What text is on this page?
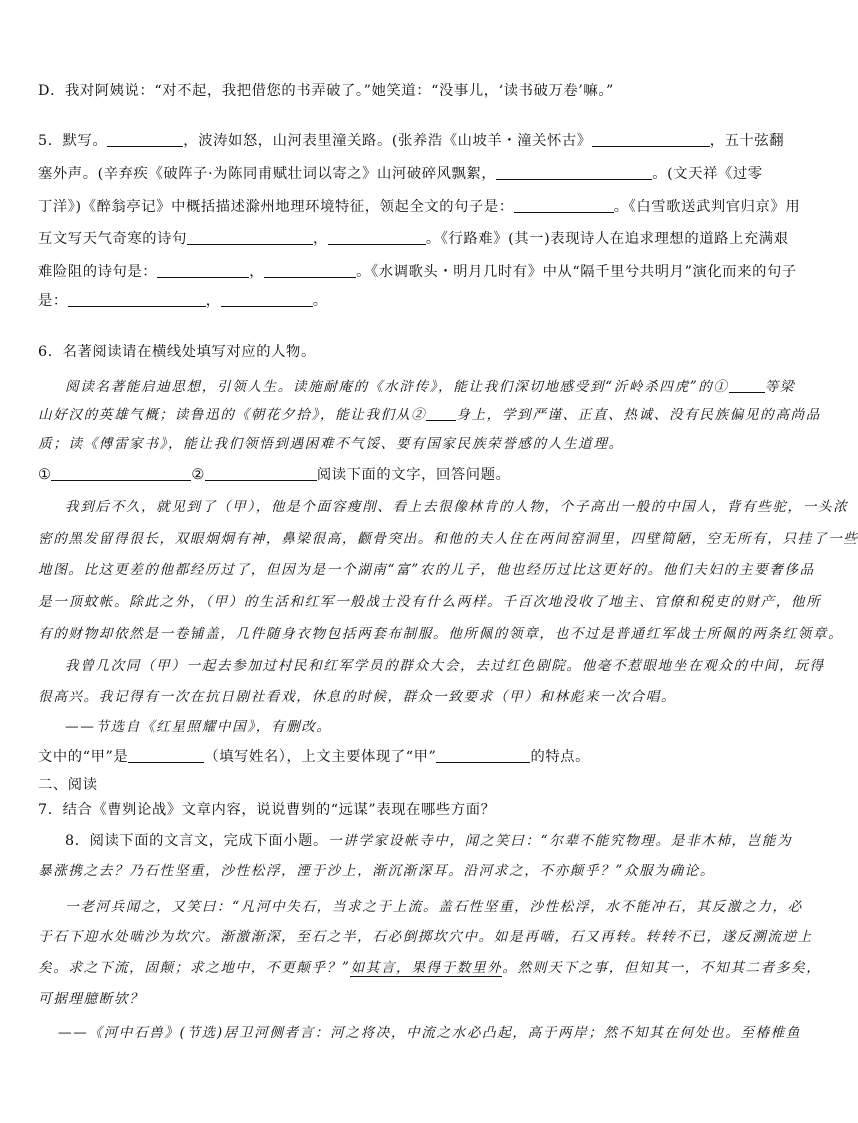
D．我对阿姨说：“对不起，我把借您的书弄破了。”她笑道：“没事儿，‘读书破万卷’嘛。”
5．默写。	，波涛如怒，山河表里潼关路。(张养浩《山坡羊・潼关怀古》	，五十弦翻
塞外声。(辛弃疾《破阵子·为陈同甫赋壮词以寄之》山河破碎风飘絮，	。(文天祥《过零
丁洋》)《醉翁亭记》中概括描述滁州地理环境特征，领起全文的句子是：	。《白雪歌送武判官归京》用
互文写天气奇寒的诗句	，	。《行路难》(其一)表现诗人在追求理想的道路上充满艰
难险阻的诗句是：	，	。《水调歌头・明月几时有》中从“隔千里兮共明月”演化而来的句子
是：	，	。
6．名著阅读请在横线处填写对应的人物。
阅读名著能启迪思想，引领人生。读施耐庵的《水浒传》，能让我们深切地感受到“沂岭杀四虎”的①	等梁
山好汉的英雄气概；读鲁迅的《朝花夕拾》，能让我们从② 身上，学到严谨、正直、热诚、没有民族偏见的高尚品
质；读《傅雷家书》，能让我们领悟到遇困难不气馁、要有国家民族荣誉感的人生道理。
①	②	阅读下面的文字，回答问题。
我到后不久，就见到了（甲），他是个面容瘦削、看上去很像林肯的人物，个子高出一般的中国人，背有些驼，一头浓
密的黑发留得很长，双眼炯炯有神，鼻梁很高，颧骨突出。和他的夫人住在两间窑洞里，四壁简陋，空无所有，只挂了一些
地图。比这更差的他都经历过了，但因为是一个湖南“富”农的儿子，他也经历过比这更好的。他们夫妇的主要奢侈品
是一顶蚊帐。除此之外，（甲）的生活和红军一般战士没有什么两样。千百次地没收了地主、官僚和税吏的财产，他所
有的财物却依然是一卷铺盖，几件随身衣物包括两套布制服。他所佩的领章，也不过是普通红军战士所佩的两条红领章。
我曾几次同（甲）一起去参加过村民和红军学员的群众大会，去过红色剧院。他毫不惹眼地坐在观众的中间，玩得
很高兴。我记得有一次在抗日剧社看戏，休息的时候，群众一致要求（甲）和林彪来一次合唱。
——节选自《红星照耀中国》，有删改。
文中的“甲”是	（填写姓名），上文主要体现了“甲”	的特点。
二、阅读
7．结合《曹刿论战》文章内容，说说曹刿的“远谋”表现在哪些方面？
8．阅读下面的文言文，完成下面小题。一讲学家设帐寺中，闻之笑曰：“尔辈不能究物理。是非木杮，岂能为
暴涨携之去？乃石性坚重，沙性松浮，湮于沙上，渐沉渐深耳。沿河求之，不亦颠乎？”众服为确论。
一老河兵闻之，又笑曰：“凡河中失石，当求之于上流。盖石性坚重，沙性松浮，水不能冲石，其反激之力，必
于石下迎水处啮沙为坎穴。渐激渐深，至石之半，石必倒掷坎穴中。如是再啮，石又再转。转转不已，遂反溯流逆上
矣。求之下流，固颠；求之地中，不更颠乎？”如其言，果得于数里外。然则天下之事，但知其一，不知其二者多矣，
可据理臆断欤？
——《河中石兽》(节选)居卫河侧者言：河之将决，中流之水必凸起，高于两岸；然不知其在何处也。至椿椎鱼
